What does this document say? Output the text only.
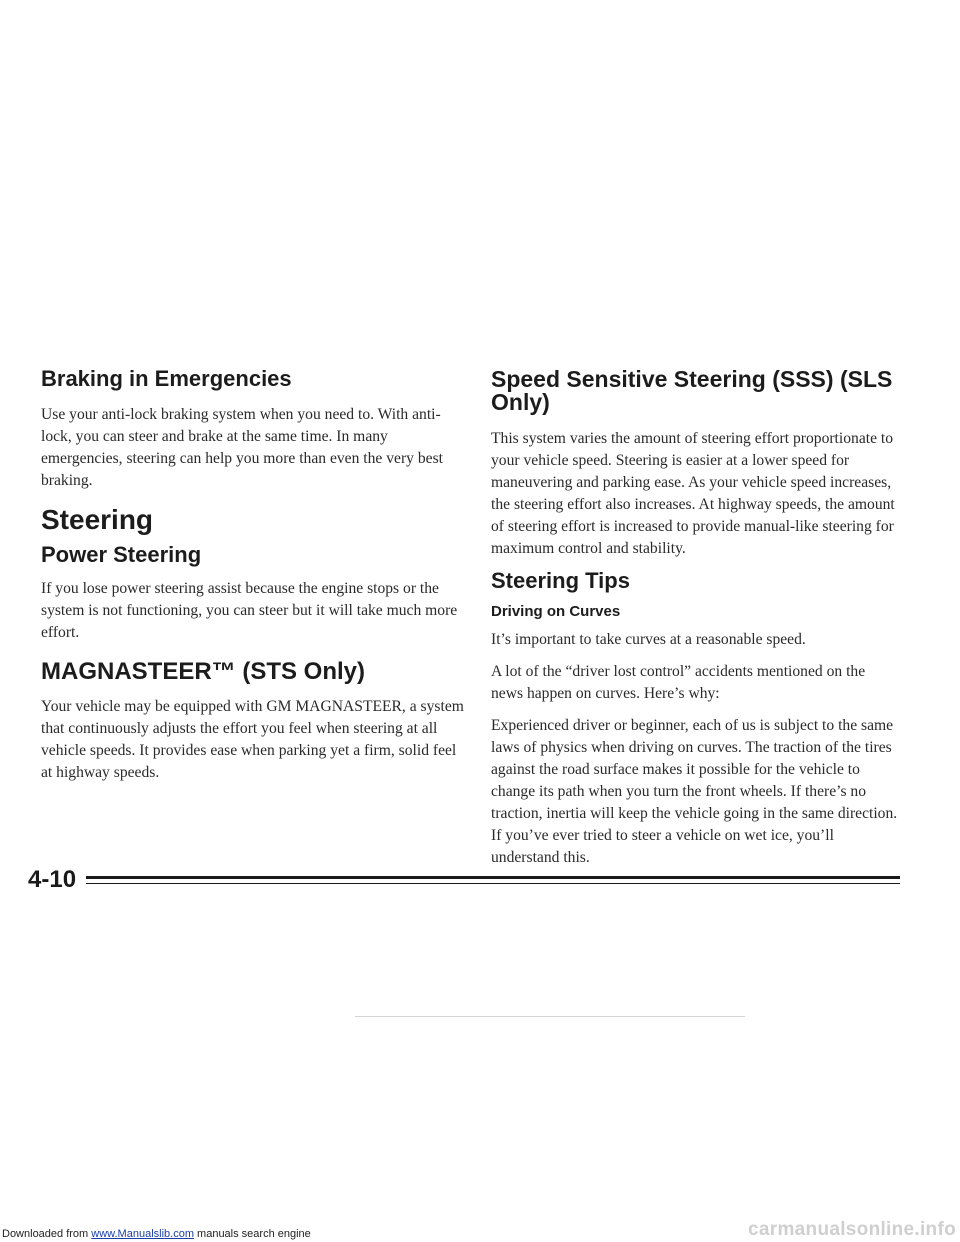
Braking in Emergencies

Use your anti-lock braking system when you need to. With anti-lock, you can steer and brake at the same time. In many emergencies, steering can help you more than even the very best braking.

Steering
Power Steering

If you lose power steering assist because the engine stops or the system is not functioning, you can steer but it will take much more effort.

MAGNASTEER™ (STS Only)

Your vehicle may be equipped with GM MAGNASTEER, a system that continuously adjusts the effort you feel when steering at all vehicle speeds. It provides ease when parking yet a firm, solid feel at highway speeds.

Speed Sensitive Steering (SSS) (SLS Only)

This system varies the amount of steering effort proportionate to your vehicle speed. Steering is easier at a lower speed for maneuvering and parking ease. As your vehicle speed increases, the steering effort also increases. At highway speeds, the amount of steering effort is increased to provide manual-like steering for maximum control and stability.

Steering Tips
Driving on Curves

It’s important to take curves at a reasonable speed.

A lot of the “driver lost control” accidents mentioned on the news happen on curves. Here’s why:

Experienced driver or beginner, each of us is subject to the same laws of physics when driving on curves. The traction of the tires against the road surface makes it possible for the vehicle to change its path when you turn the front wheels. If there’s no traction, inertia will keep the vehicle going in the same direction. If you’ve ever tried to steer a vehicle on wet ice, you’ll understand this.

4-10
Downloaded from www.Manualslib.com manuals search engine	carmanualsonline.info
